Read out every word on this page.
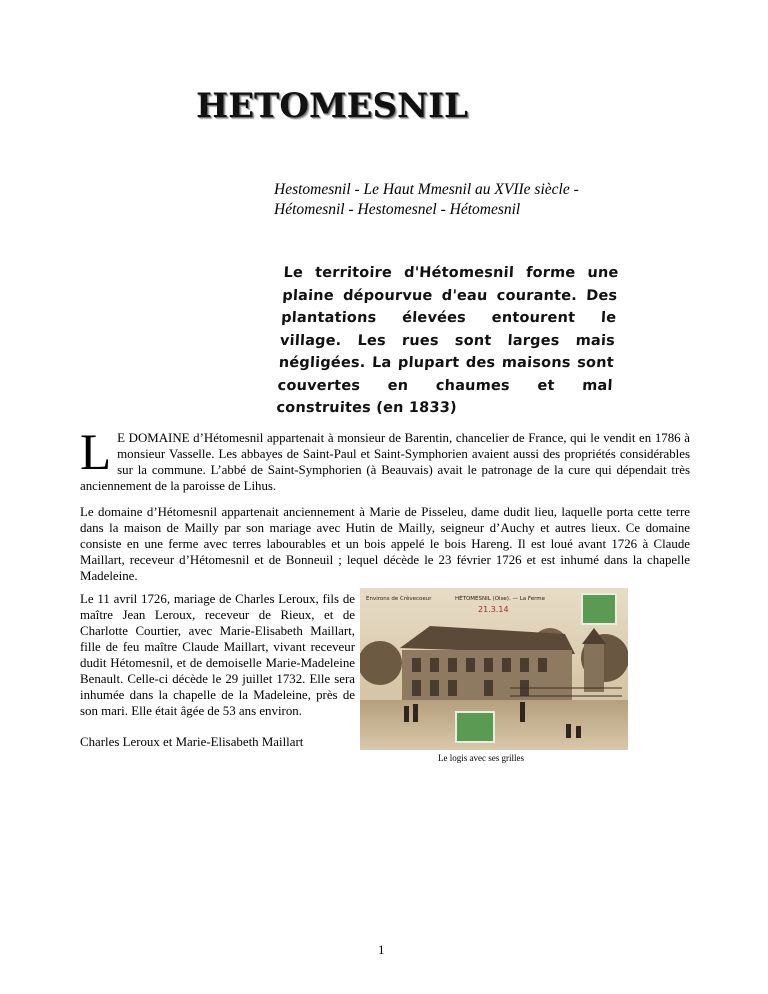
HETOMESNIL
Hestomesnil - Le Haut Mmesnil au XVIIe siècle - Hétomesnil - Hestomesnel - Hétomesnil
Le territoire d'Hétomesnil forme une plaine dépourvue d'eau courante. Des plantations élevées entourent le village. Les rues sont larges mais négligées. La plupart des maisons sont couvertes en chaumes et mal construites (en 1833)
L E DOMAINE d’Hétomesnil appartenait à monsieur de Barentin, chancelier de France, qui le vendit en 1786 à monsieur Vasselle. Les abbayes de Saint-Paul et Saint-Symphorien avaient aussi des propriétés considérables sur la commune. L’abbé de Saint-Symphorien (à Beauvais) avait le patronage de la cure qui dépendait très anciennement de la paroisse de Lihus.
Le domaine d’Hétomesnil appartenait anciennement à Marie de Pisseleu, dame dudit lieu, laquelle porta cette terre dans la maison de Mailly par son mariage avec Hutin de Mailly, seigneur d’Auchy et autres lieux. Ce domaine consiste en une ferme avec terres labourables et un bois appelé le bois Hareng. Il est loué avant 1726 à Claude Maillart, receveur d’Hétomesnil et de Bonneuil ; lequel décède le 23 février 1726 et est inhumé dans la chapelle Madeleine.
Le 11 avril 1726, mariage de Charles Leroux, fils de maître Jean Leroux, receveur de Rieux, et de Charlotte Courtier, avec Marie-Elisabeth Maillart, fille de feu maître Claude Maillart, vivant receveur dudit Hétomesnil, et de demoiselle Marie-Madeleine Benault. Celle-ci décède le 29 juillet 1732. Elle sera inhumée dans la chapelle de la Madeleine, près de son mari. Elle était âgée de 53 ans environ.
Charles Leroux et Marie-Elisabeth Maillart
Environs de Crèvecoeur	HÉTOMESNIL (Oise). — La Ferme
21.3.14
Le logis avec ses grilles
1
